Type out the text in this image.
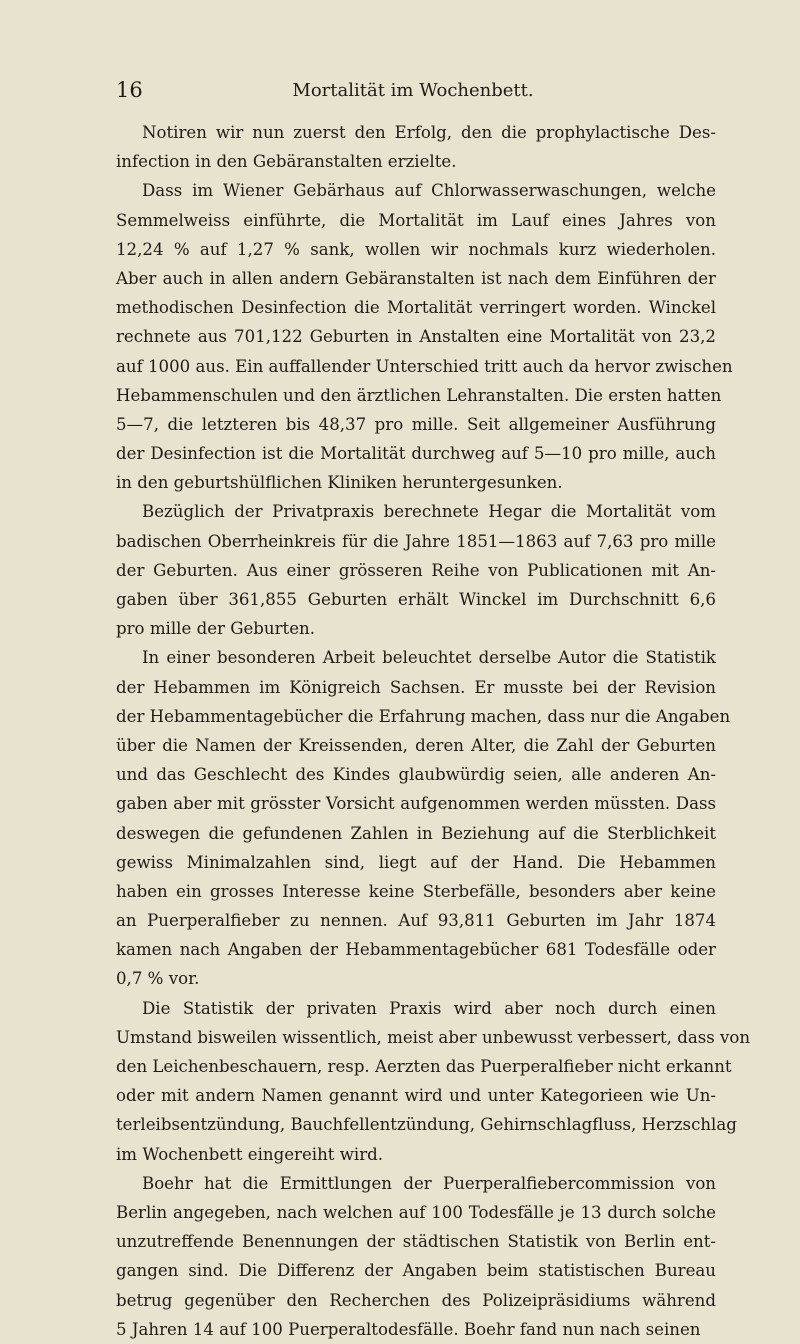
16	Mortalität im Wochenbett.
Notiren wir nun zuerst den Erfolg, den die prophylactische Des-
infection in den Gebäranstalten erzielte.
Dass im Wiener Gebärhaus auf Chlorwasserwaschungen, welche
Semmelweiss einführte, die Mortalität im Lauf eines Jahres von
12,24 % auf 1,27 % sank, wollen wir nochmals kurz wiederholen.
Aber auch in allen andern Gebäranstalten ist nach dem Einführen der
methodischen Desinfection die Mortalität verringert worden. Winckel
rechnete aus 701,122 Geburten in Anstalten eine Mortalität von 23,2
auf 1000 aus. Ein auffallender Unterschied tritt auch da hervor zwischen
Hebammenschulen und den ärztlichen Lehranstalten. Die ersten hatten
5—7, die letzteren bis 48,37 pro mille. Seit allgemeiner Ausführung
der Desinfection ist die Mortalität durchweg auf 5—10 pro mille, auch
in den geburtshülflichen Kliniken heruntergesunken.
Bezüglich der Privatpraxis berechnete Hegar die Mortalität vom
badischen Oberrheinkreis für die Jahre 1851—1863 auf 7,63 pro mille
der Geburten. Aus einer grösseren Reihe von Publicationen mit An-
gaben über 361,855 Geburten erhält Winckel im Durchschnitt 6,6
pro mille der Geburten.
In einer besonderen Arbeit beleuchtet derselbe Autor die Statistik
der Hebammen im Königreich Sachsen. Er musste bei der Revision
der Hebammentagebücher die Erfahrung machen, dass nur die Angaben
über die Namen der Kreissenden, deren Alter, die Zahl der Geburten
und das Geschlecht des Kindes glaubwürdig seien, alle anderen An-
gaben aber mit grösster Vorsicht aufgenommen werden müssten. Dass
deswegen die gefundenen Zahlen in Beziehung auf die Sterblichkeit
gewiss Minimalzahlen sind, liegt auf der Hand. Die Hebammen
haben ein grosses Interesse keine Sterbefälle, besonders aber keine
an Puerperalfieber zu nennen. Auf 93,811 Geburten im Jahr 1874
kamen nach Angaben der Hebammentagebücher 681 Todesfälle oder
0,7 % vor.
Die Statistik der privaten Praxis wird aber noch durch einen
Umstand bisweilen wissentlich, meist aber unbewusst verbessert, dass von
den Leichenbeschauern, resp. Aerzten das Puerperalfieber nicht erkannt
oder mit andern Namen genannt wird und unter Kategorieen wie Un-
terleibsentzündung, Bauchfellentzündung, Gehirnschlagfluss, Herzschlag
im Wochenbett eingereiht wird.
Boehr hat die Ermittlungen der Puerperalfiebercommission von
Berlin angegeben, nach welchen auf 100 Todesfälle je 13 durch solche
unzutreffende Benennungen der städtischen Statistik von Berlin ent-
gangen sind. Die Differenz der Angaben beim statistischen Bureau
betrug gegenüber den Recherchen des Polizeipräsidiums während
5 Jahren 14 auf 100 Puerperaltodesfälle. Boehr fand nun nach seinen
